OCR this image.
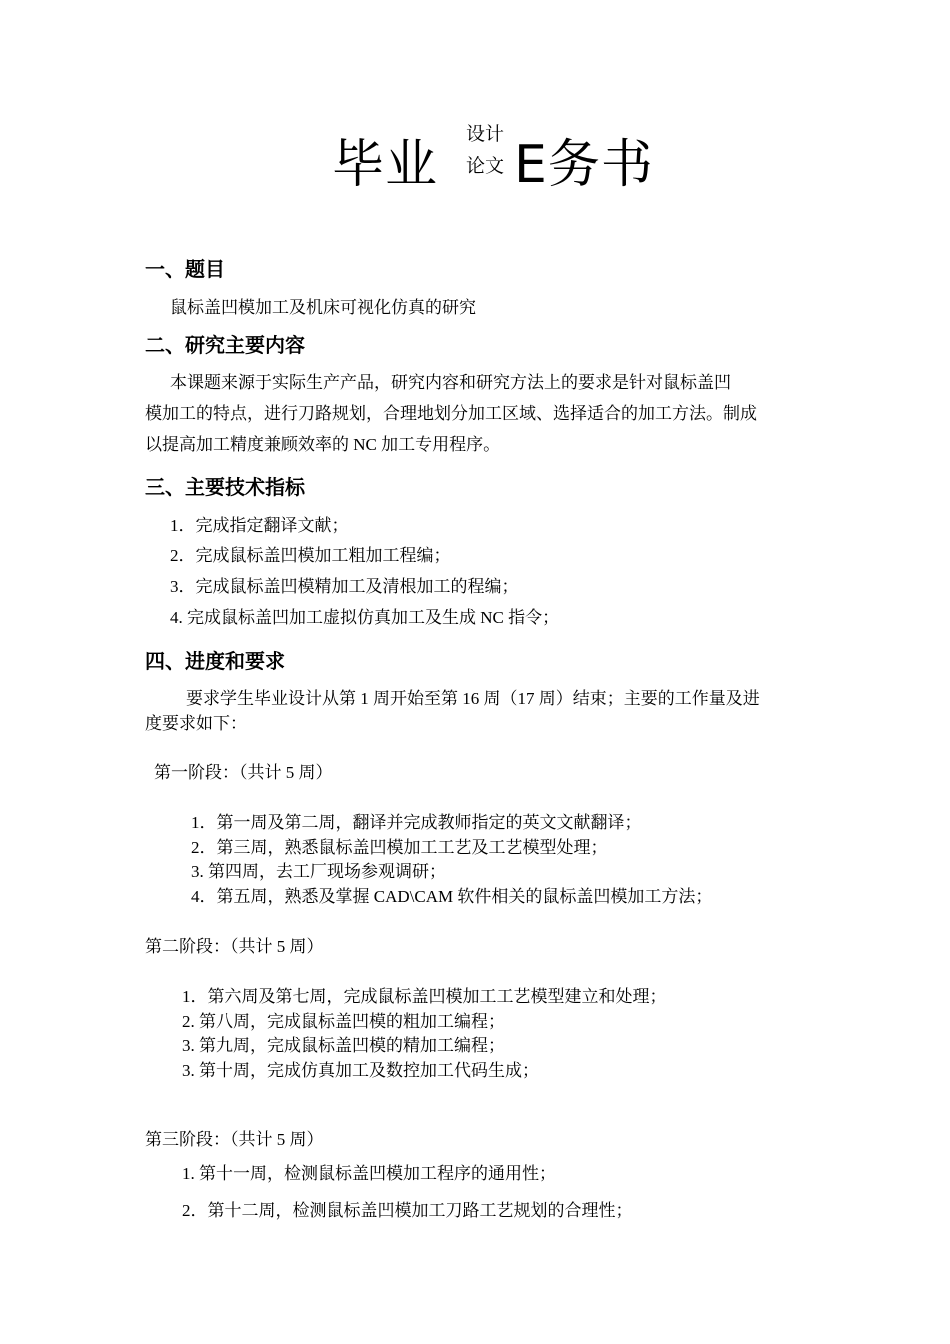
毕业
设计
论文 E务书
一、题目
鼠标盖凹模加工及机床可视化仿真的研究
二、研究主要内容
本课题来源于实际生产产品，研究内容和研究方法上的要求是针对鼠标盖凹
模加工的特点，进行刀路规划，合理地划分加工区域、选择适合的加工方法。制成
以提高加工精度兼顾效率的 NC 加工专用程序。
三、主要技术指标
1．完成指定翻译文献；
2．完成鼠标盖凹模加工粗加工程编；
3．完成鼠标盖凹模精加工及清根加工的程编；
4. 完成鼠标盖凹加工虚拟仿真加工及生成 NC 指令；
四、进度和要求
要求学生毕业设计从第 1 周开始至第 16 周（17 周）结束；主要的工作量及进
度要求如下：
第一阶段：（共计 5 周）
1．第一周及第二周，翻译并完成教师指定的英文文献翻译；
2．第三周，熟悉鼠标盖凹模加工工艺及工艺模型处理；
3. 第四周，去工厂现场参观调研；
4．第五周，熟悉及掌握 CAD\CAM 软件相关的鼠标盖凹模加工方法；
第二阶段：（共计 5 周）
1．第六周及第七周，完成鼠标盖凹模加工工艺模型建立和处理；
2. 第八周，完成鼠标盖凹模的粗加工编程；
3. 第九周，完成鼠标盖凹模的精加工编程；
3. 第十周，完成仿真加工及数控加工代码生成；
第三阶段：（共计 5 周）
1. 第十一周，检测鼠标盖凹模加工程序的通用性；
2．第十二周，检测鼠标盖凹模加工刀路工艺规划的合理性；
